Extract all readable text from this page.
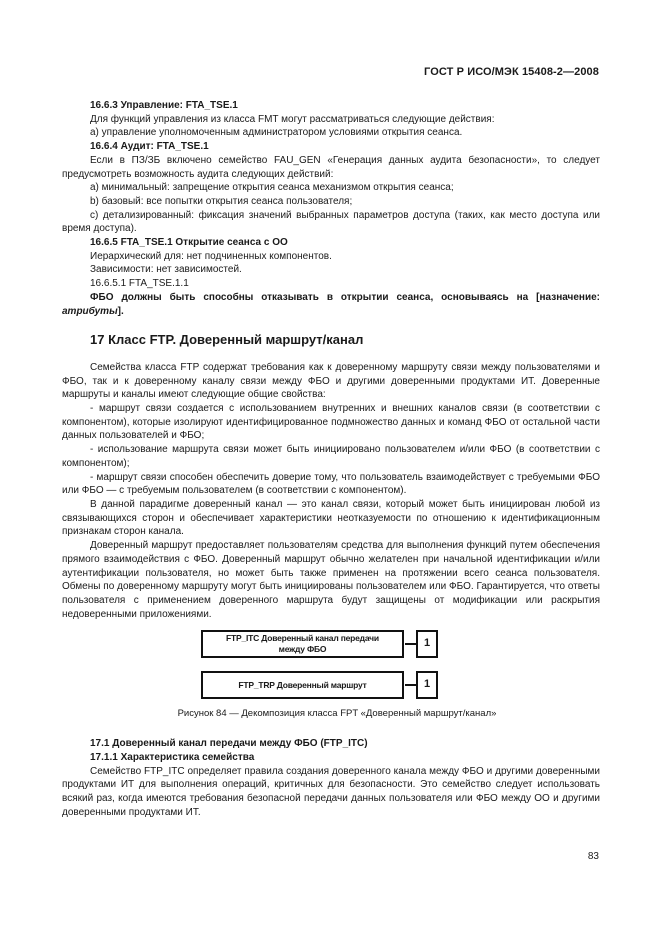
ГОСТ Р ИСО/МЭК 15408-2—2008

16.6.3 Управление: FTA_TSE.1

Для функций управления из класса FMT могут рассматриваться следующие действия:

а) управление уполномоченным администратором условиями открытия сеанса.

16.6.4 Аудит: FTA_TSE.1

Если в ПЗ/ЗБ включено семейство FAU_GEN «Генерация данных аудита безопасности», то следует предусмотреть возможность аудита следующих действий:

а) минимальный: запрещение открытия сеанса механизмом открытия сеанса;

b) базовый: все попытки открытия сеанса пользователя;

с) детализированный: фиксация значений выбранных параметров доступа (таких, как место доступа или время доступа).

16.6.5 FTA_TSE.1 Открытие сеанса с ОО

Иерархический для: нет подчиненных компонентов.

Зависимости: нет зависимостей.

16.6.5.1 FTA_TSE.1.1

ФБО должны быть способны отказывать в открытии сеанса, основываясь на [назначение: атрибуты].

17 Класс FTP. Доверенный маршрут/канал

Семейства класса FTP содержат требования как к доверенному маршруту связи между пользователями и ФБО, так и к доверенному каналу связи между ФБО и другими доверенными продуктами ИТ. Доверенные маршруты и каналы имеют следующие общие свойства:

- маршрут связи создается с использованием внутренних и внешних каналов связи (в соответствии с компонентом), которые изолируют идентифицированное подмножество данных и команд ФБО от остальной части данных пользователей и ФБО;

- использование маршрута связи может быть инициировано пользователем и/или ФБО (в соответствии с компонентом);

- маршрут связи способен обеспечить доверие тому, что пользователь взаимодействует с требуемыми ФБО или ФБО — с требуемым пользователем (в соответствии с компонентом).

В данной парадигме доверенный канал — это канал связи, который может быть инициирован любой из связывающихся сторон и обеспечивает характеристики неотказуемости по отношению к идентификационным признакам сторон канала.

Доверенный маршрут предоставляет пользователям средства для выполнения функций путем обеспечения прямого взаимодействия с ФБО. Доверенный маршрут обычно желателен при начальной идентификации и/или аутентификации пользователя, но может быть также применен на протяжении всего сеанса пользователя. Обмены по доверенному маршруту могут быть инициированы пользователем или ФБО. Гарантируется, что ответы пользователя с применением доверенного маршрута будут защищены от модификации или раскрытия недоверенными приложениями.

FTP_ITC Доверенный канал передачи
между ФБО	1
FTP_TRP Доверенный маршрут	1

Рисунок 84 — Декомпозиция класса FPT «Доверенный маршрут/канал»

17.1 Доверенный канал передачи между ФБО (FTP_ITC)

17.1.1 Характеристика семейства

Семейство FTP_ITC определяет правила создания доверенного канала между ФБО и другими доверенными продуктами ИТ для выполнения операций, критичных для безопасности. Это семейство следует использовать всякий раз, когда имеются требования безопасной передачи данных пользователя или ФБО между ОО и другими доверенными продуктами ИТ.

83
